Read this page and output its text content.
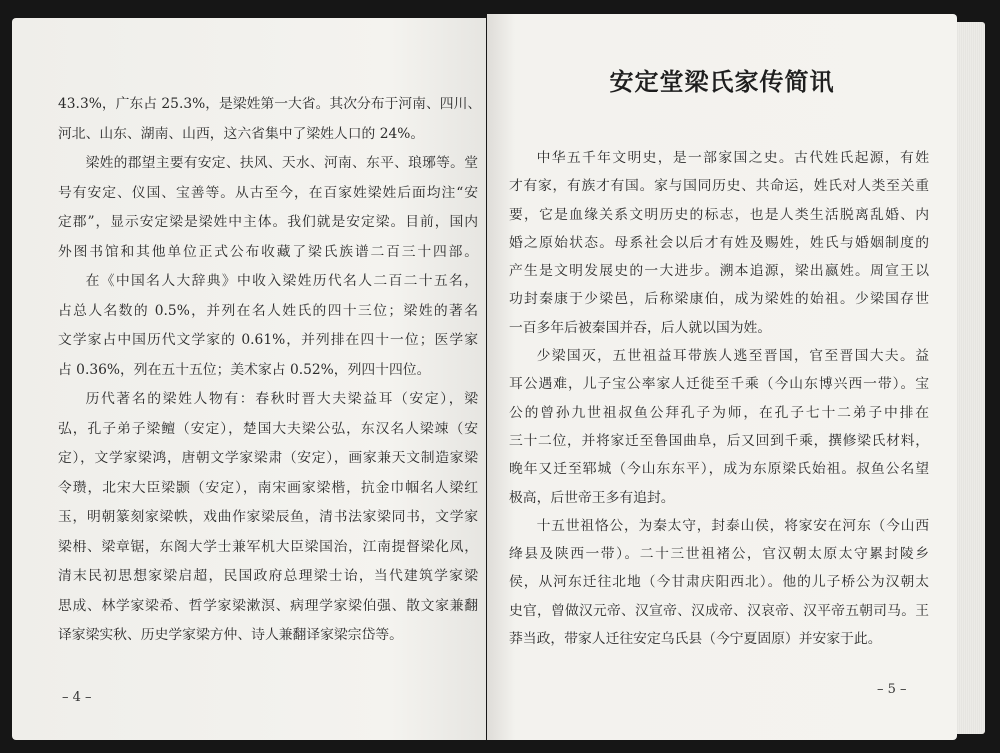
43.3%，广东占 25.3%，是梁姓第一大省。其次分布于河南、四川、
河北、山东、湖南、山西，这六省集中了梁姓人口的 24%。
梁姓的郡望主要有安定、扶风、天水、河南、东平、琅琊等。堂
号有安定、仪国、宝善等。从古至今，在百家姓梁姓后面均注“安
定郡”，显示安定梁是梁姓中主体。我们就是安定梁。目前，国内
外图书馆和其他单位正式公布收藏了梁氏族谱二百三十四部。
在《中国名人大辞典》中收入梁姓历代名人二百二十五名，
占总人名数的 0.5%，并列在名人姓氏的四十三位；梁姓的著名
文学家占中国历代文学家的 0.61%，并列排在四十一位；医学家
占 0.36%，列在五十五位；美术家占 0.52%，列四十四位。
历代著名的梁姓人物有：春秋时晋大夫梁益耳（安定），梁
弘，孔子弟子梁鳣（安定），楚国大夫梁公弘，东汉名人梁竦（安
定），文学家梁鸿，唐朝文学家梁肃（安定），画家兼天文制造家梁
令瓒，北宋大臣梁颢（安定），南宋画家梁楷，抗金巾帼名人梁红
玉，明朝篆刻家梁帙，戏曲作家梁辰鱼，清书法家梁同书，文学家
梁枏、梁章锯，东阁大学士兼军机大臣梁国治，江南提督梁化凤，
清末民初思想家梁启超，民国政府总理梁士诒，当代建筑学家梁
思成、林学家梁希、哲学家梁漱溟、病理学家梁伯强、散文家兼翻
译家梁实秋、历史学家梁方仲、诗人兼翻译家梁宗岱等。
– 4 –
安定堂梁氏家传简讯
中华五千年文明史，是一部家国之史。古代姓氏起源，有姓
才有家，有族才有国。家与国同历史、共命运，姓氏对人类至关重
要，它是血缘关系文明历史的标志，也是人类生活脱离乱婚、内
婚之原始状态。母系社会以后才有姓及赐姓，姓氏与婚姻制度的
产生是文明发展史的一大进步。溯本追源，梁出嬴姓。周宣王以
功封秦康于少梁邑，后称梁康伯，成为梁姓的始祖。少梁国存世
一百多年后被秦国并吞，后人就以国为姓。
少梁国灭，五世祖益耳带族人逃至晋国，官至晋国大夫。益
耳公遇难，儿子宝公率家人迁徙至千乘（今山东博兴西一带）。宝
公的曾孙九世祖叔鱼公拜孔子为师，在孔子七十二弟子中排在
三十二位，并将家迁至鲁国曲阜，后又回到千乘，撰修梁氏材料，
晚年又迁至郓城（今山东东平），成为东原梁氏始祖。叔鱼公名望
极高，后世帝王多有追封。
十五世祖恪公，为秦太守，封泰山侯，将家安在河东（今山西
绛县及陕西一带）。二十三世祖褚公，官汉朝太原太守累封陵乡
侯，从河东迁往北地（今甘肃庆阳西北）。他的儿子桥公为汉朝太
史官，曾做汉元帝、汉宣帝、汉成帝、汉哀帝、汉平帝五朝司马。王
莽当政，带家人迁往安定乌氏县（今宁夏固原）并安家于此。
– 5 –
